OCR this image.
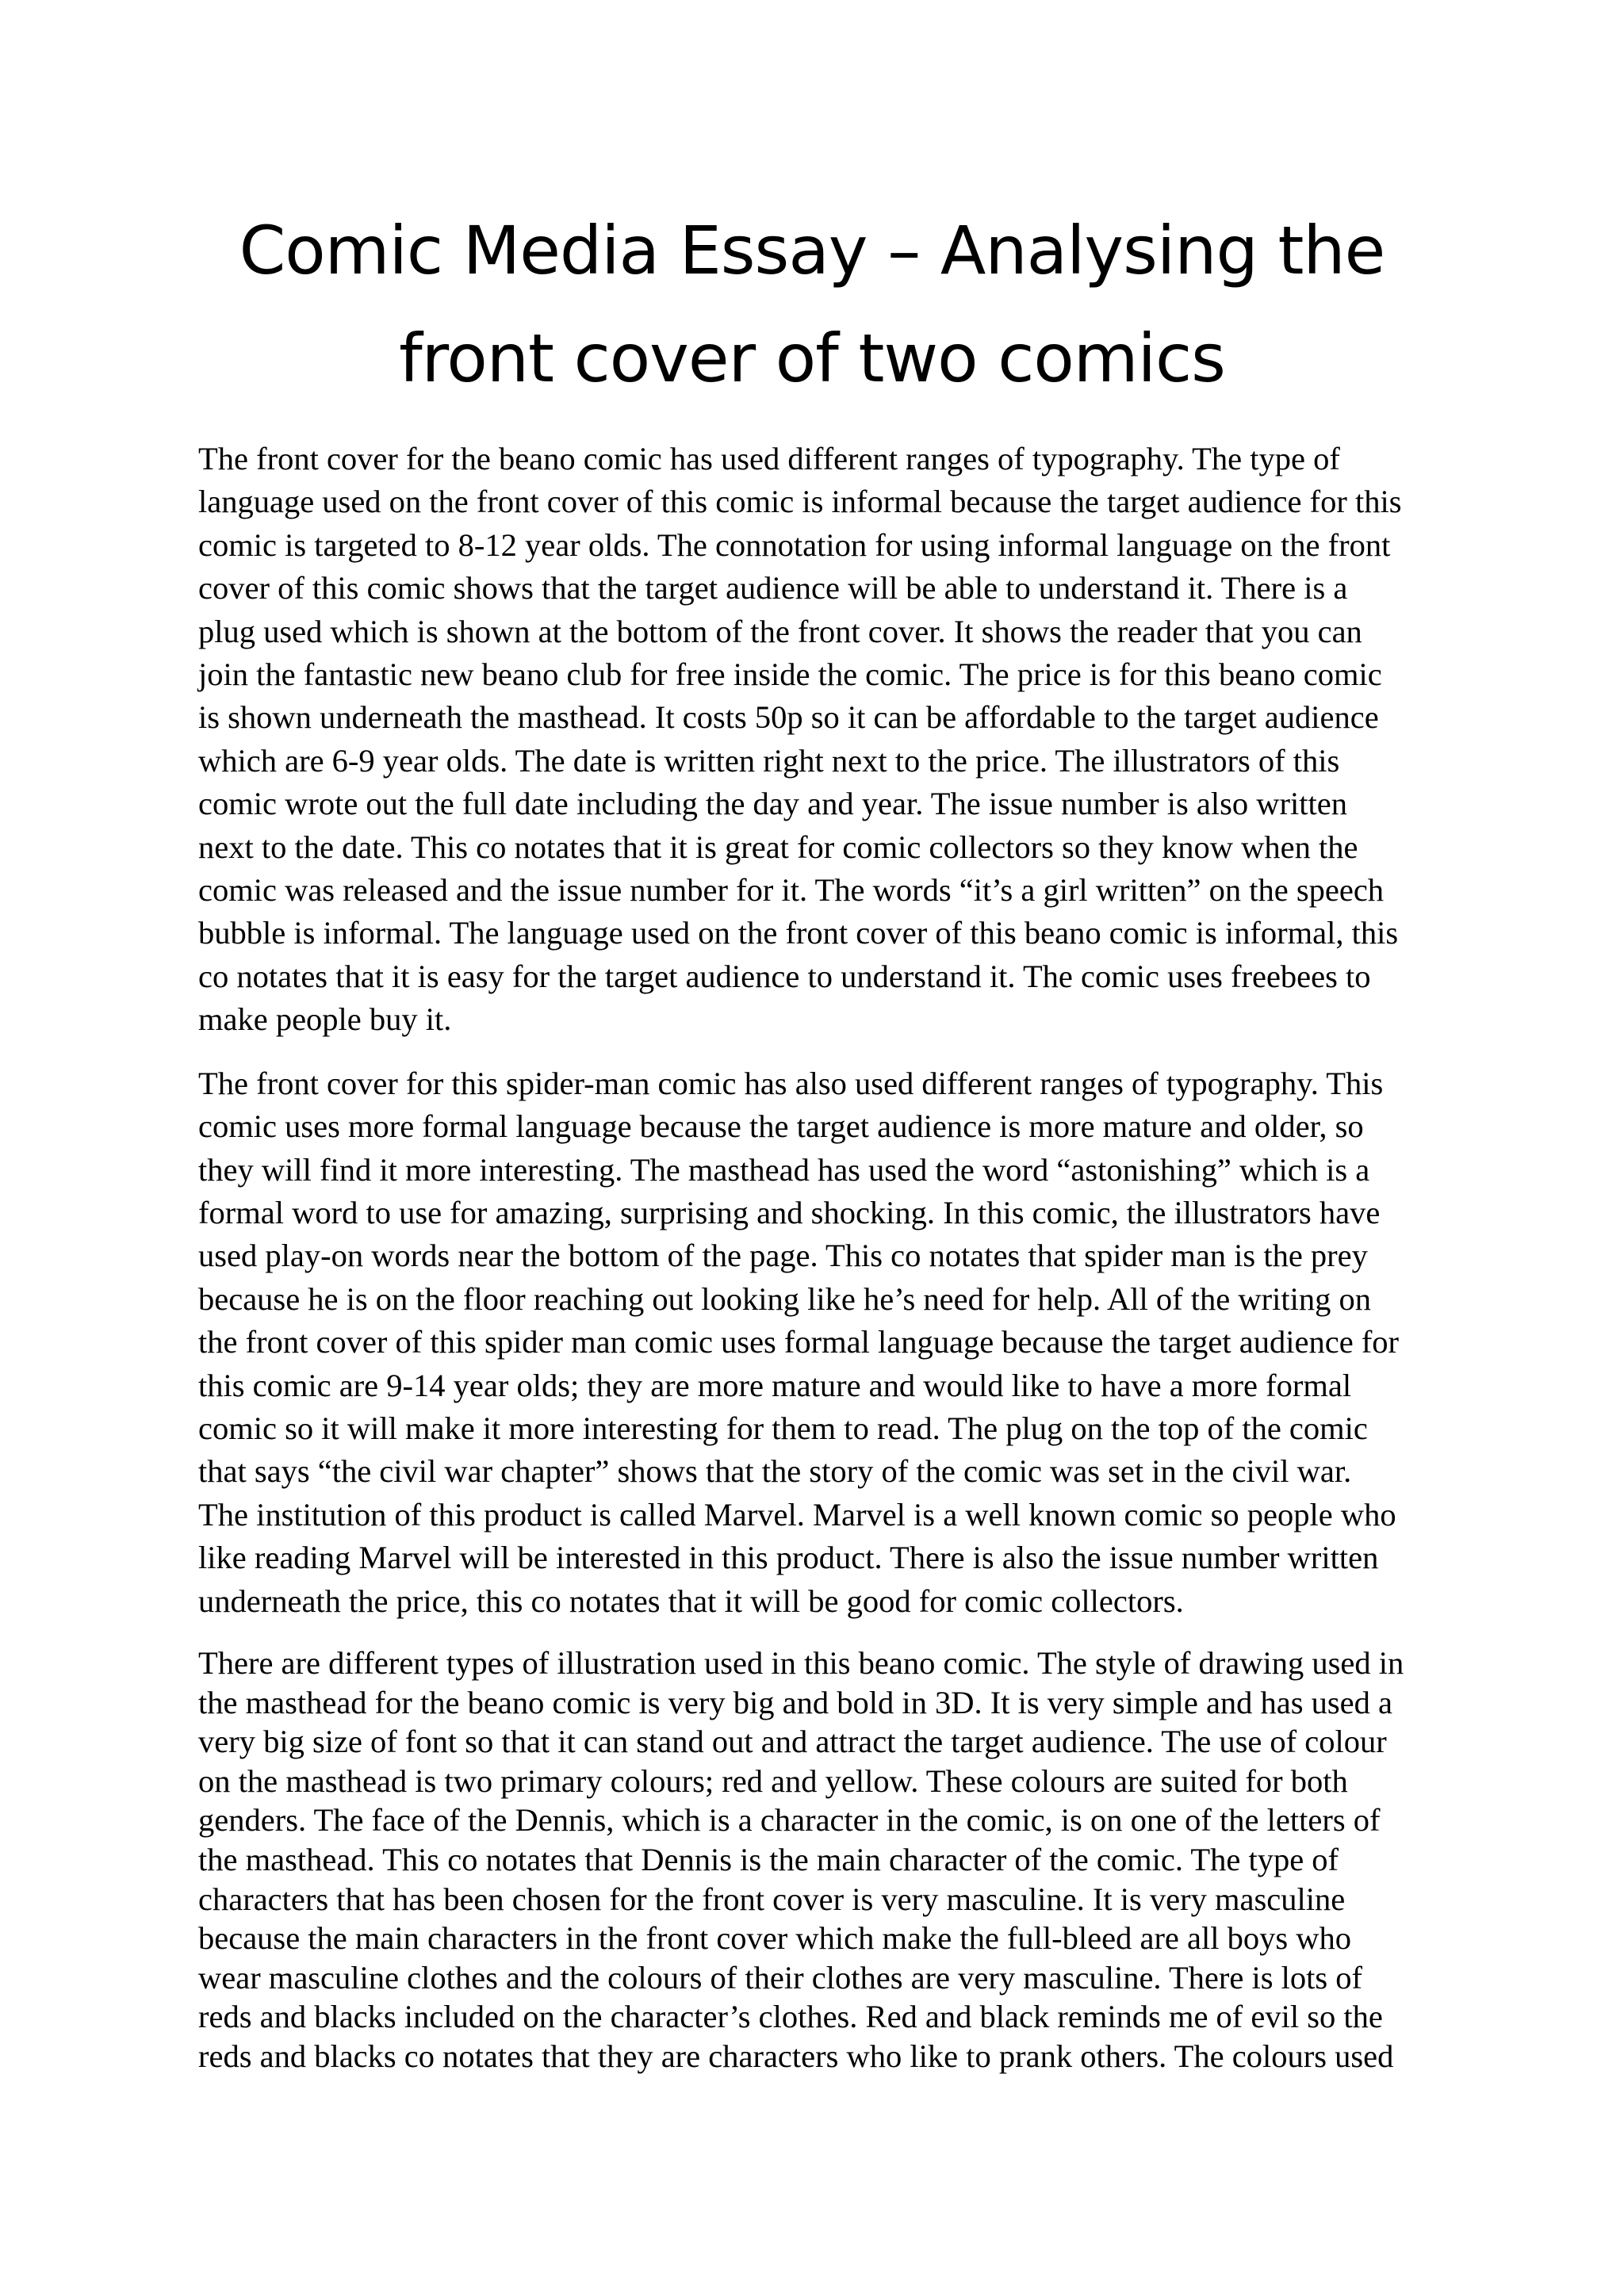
Comic Media Essay – Analysing the
front cover of two comics

The front cover for the beano comic has used different ranges of typography. The type of
language used on the front cover of this comic is informal because the target audience for this
comic is targeted to 8-12 year olds. The connotation for using informal language on the front
cover of this comic shows that the target audience will be able to understand it. There is a
plug used which is shown at the bottom of the front cover. It shows the reader that you can
join the fantastic new beano club for free inside the comic. The price is for this beano comic
is shown underneath the masthead. It costs 50p so it can be affordable to the target audience
which are 6-9 year olds. The date is written right next to the price. The illustrators of this
comic wrote out the full date including the day and year. The issue number is also written
next to the date. This co notates that it is great for comic collectors so they know when the
comic was released and the issue number for it. The words “it’s a girl written” on the speech
bubble is informal. The language used on the front cover of this beano comic is informal, this
co notates that it is easy for the target audience to understand it. The comic uses freebees to
make people buy it.

The front cover for this spider-man comic has also used different ranges of typography. This
comic uses more formal language because the target audience is more mature and older, so
they will find it more interesting. The masthead has used the word “astonishing” which is a
formal word to use for amazing, surprising and shocking. In this comic, the illustrators have
used play-on words near the bottom of the page. This co notates that spider man is the prey
because he is on the floor reaching out looking like he’s need for help. All of the writing on
the front cover of this spider man comic uses formal language because the target audience for
this comic are 9-14 year olds; they are more mature and would like to have a more formal
comic so it will make it more interesting for them to read. The plug on the top of the comic
that says “the civil war chapter” shows that the story of the comic was set in the civil war.
The institution of this product is called Marvel. Marvel is a well known comic so people who
like reading Marvel will be interested in this product. There is also the issue number written
underneath the price, this co notates that it will be good for comic collectors.

There are different types of illustration used in this beano comic. The style of drawing used in
the masthead for the beano comic is very big and bold in 3D. It is very simple and has used a
very big size of font so that it can stand out and attract the target audience. The use of colour
on the masthead is two primary colours; red and yellow. These colours are suited for both
genders. The face of the Dennis, which is a character in the comic, is on one of the letters of
the masthead. This co notates that Dennis is the main character of the comic. The type of
characters that has been chosen for the front cover is very masculine. It is very masculine
because the main characters in the front cover which make the full-bleed are all boys who
wear masculine clothes and the colours of their clothes are very masculine. There is lots of
reds and blacks included on the character’s clothes. Red and black reminds me of evil so the
reds and blacks co notates that they are characters who like to prank others. The colours used
